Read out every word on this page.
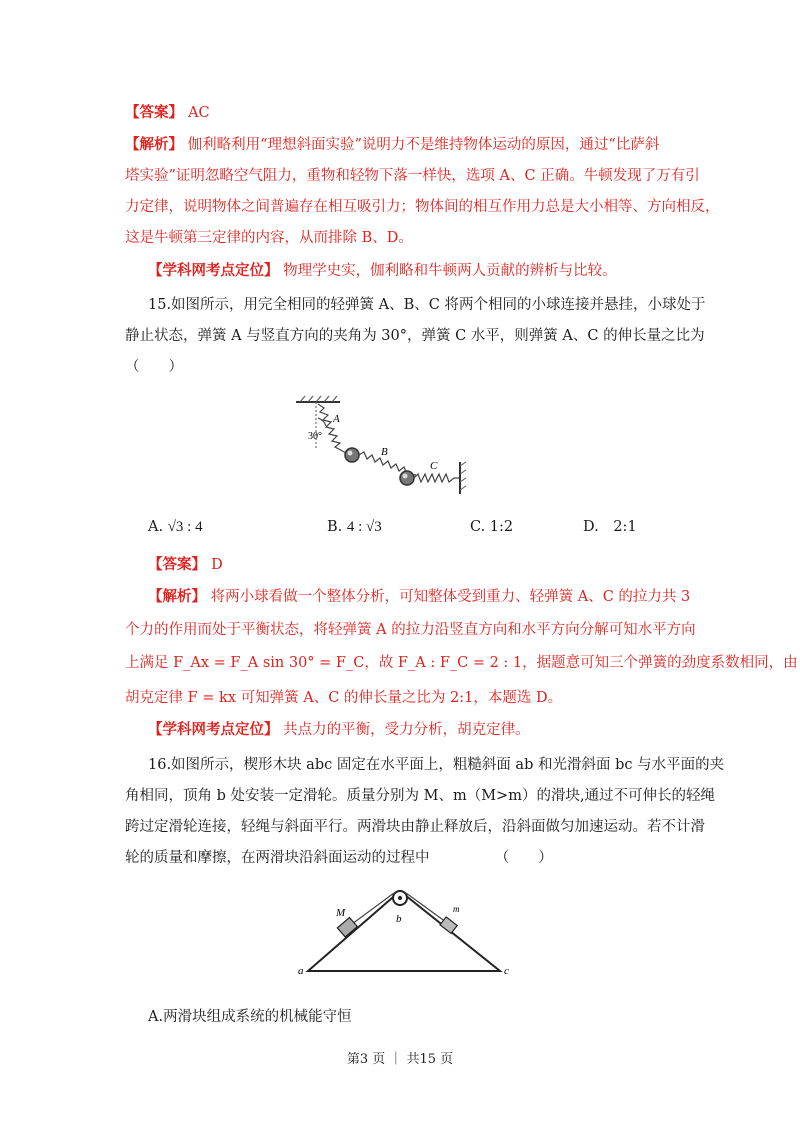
【答案】 AC
【解析】 伽利略利用“理想斜面实验”说明力不是维持物体运动的原因，通过“比萨斜
塔实验”证明忽略空气阻力，重物和轻物下落一样快，选项 A、C 正确。牛顿发现了万有引
力定律，说明物体之间普遍存在相互吸引力；物体间的相互作用力总是大小相等、方向相反，
这是牛顿第三定律的内容，从而排除 B、D。
【学科网考点定位】 物理学史实，伽利略和牛顿两人贡献的辨析与比较。
15.如图所示，用完全相同的轻弹簧 A、B、C 将两个相同的小球连接并悬挂，小球处于
静止状态，弹簧 A 与竖直方向的夹角为 30°，弹簧 C 水平，则弹簧 A、C 的伸长量之比为
（　　）
A
B
C
30°
A. √3 : 4	B. 4 : √3	C. 1:2	D. 2:1
【答案】 D
【解析】 将两小球看做一个整体分析，可知整体受到重力、轻弹簧 A、C 的拉力共 3
个力的作用而处于平衡状态，将轻弹簧 A 的拉力沿竖直方向和水平方向分解可知水平方向
上满足 F_Ax = F_A sin 30° = F_C，故 F_A : F_C = 2 : 1，据题意可知三个弹簧的劲度系数相同，由
胡克定律 F = kx 可知弹簧 A、C 的伸长量之比为 2:1，本题选 D。
【学科网考点定位】 共点力的平衡，受力分析，胡克定律。
16.如图所示，楔形木块 abc 固定在水平面上，粗糙斜面 ab 和光滑斜面 bc 与水平面的夹
角相同，顶角 b 处安装一定滑轮。质量分别为 M、m（M>m）的滑块,通过不可伸长的轻绳
跨过定滑轮连接，轻绳与斜面平行。两滑块由静止释放后，沿斜面做匀加速运动。若不计滑
轮的质量和摩擦，在两滑块沿斜面运动的过程中　　　　　（　　）
M	b
a	c
m
A.两滑块组成系统的机械能守恒
第3 页 ｜ 共15 页
